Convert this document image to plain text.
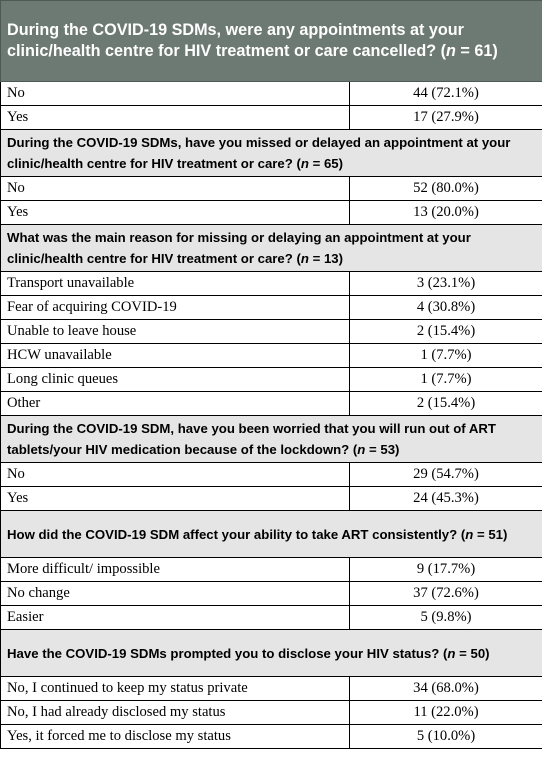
During the COVID-19 SDMs, were any appointments at your clinic/health centre for HIV treatment or care cancelled? (n = 61)	
No	44 (72.1%)
Yes	17 (27.9%)
During the COVID-19 SDMs, have you missed or delayed an appointment at your clinic/health centre for HIV treatment or care? (n = 65)	
No	52 (80.0%)
Yes	13 (20.0%)
What was the main reason for missing or delaying an appointment at your clinic/health centre for HIV treatment or care? (n = 13)	
Transport unavailable	3 (23.1%)
Fear of acquiring COVID-19	4 (30.8%)
Unable to leave house	2 (15.4%)
HCW unavailable	1 (7.7%)
Long clinic queues	1 (7.7%)
Other	2 (15.4%)
During the COVID-19 SDM, have you been worried that you will run out of ART tablets/your HIV medication because of the lockdown? (n = 53)	
No	29 (54.7%)
Yes	24 (45.3%)
How did the COVID-19 SDM affect your ability to take ART consistently? (n = 51)	
More difficult/ impossible	9 (17.7%)
No change	37 (72.6%)
Easier	5 (9.8%)
Have the COVID-19 SDMs prompted you to disclose your HIV status? (n = 50)	
No, I continued to keep my status private	34 (68.0%)
No, I had already disclosed my status	11 (22.0%)
Yes, it forced me to disclose my status	5 (10.0%)
